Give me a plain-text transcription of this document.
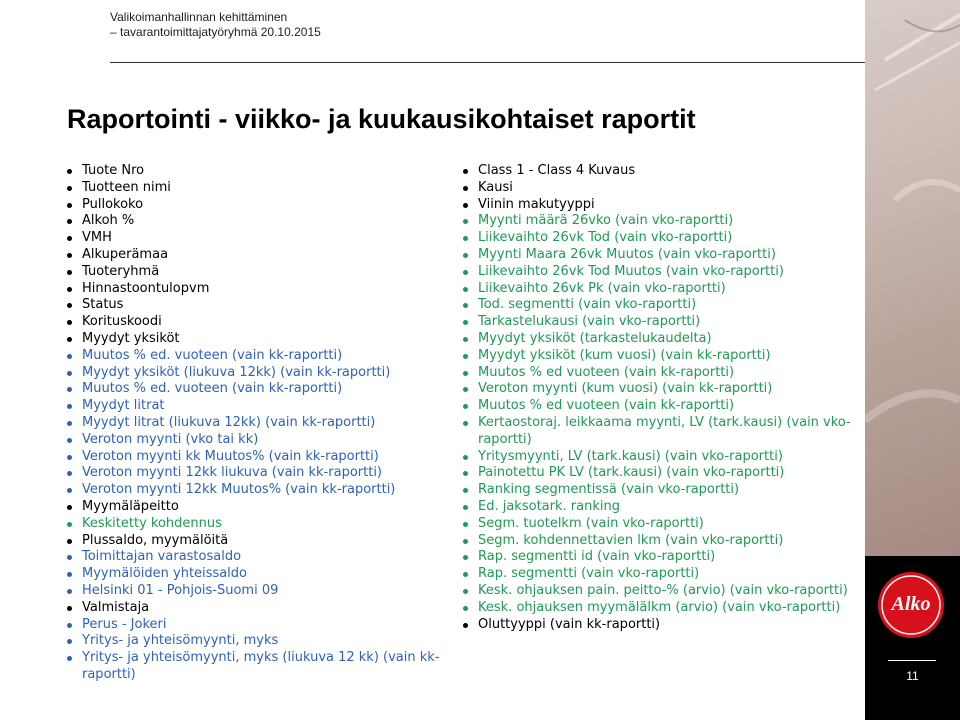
Valikoimanhallinnan kehittäminen
– tavarantoimittajatyöryhmä 20.10.2015
Alko
11
Raportointi - viikko- ja kuukausikohtaiset raportit
Tuote Nro
Tuotteen nimi
Pullokoko
Alkoh %
VMH
Alkuperämaa
Tuoteryhmä
Hinnastoontulopvm
Status
Korituskoodi
Myydyt yksiköt
Muutos % ed. vuoteen (vain kk-raportti)
Myydyt yksiköt (liukuva 12kk) (vain kk-raportti)
Muutos % ed. vuoteen (vain kk-raportti)
Myydyt litrat
Myydyt litrat (liukuva 12kk) (vain kk-raportti)
Veroton myynti (vko tai kk)
Veroton myynti kk Muutos% (vain kk-raportti)
Veroton myynti 12kk liukuva (vain kk-raportti)
Veroton myynti 12kk Muutos% (vain kk-raportti)
Myymäläpeitto
Keskitetty kohdennus
Plussaldo, myymälöitä
Toimittajan varastosaldo
Myymälöiden yhteissaldo
Helsinki 01 - Pohjois-Suomi 09
Valmistaja
Perus - Jokeri
Yritys- ja yhteisömyynti, myks
Yritys- ja yhteisömyynti, myks (liukuva 12 kk) (vain kk-raportti)
Class 1 - Class 4 Kuvaus
Kausi
Viinin makutyyppi
Myynti määrä 26vko (vain vko-raportti)
Liikevaihto 26vk Tod (vain vko-raportti)
Myynti Maara 26vk Muutos (vain vko-raportti)
Liikevaihto 26vk Tod Muutos (vain vko-raportti)
Liikevaihto 26vk Pk (vain vko-raportti)
Tod. segmentti (vain vko-raportti)
Tarkastelukausi (vain vko-raportti)
Myydyt yksiköt (tarkastelukaudelta)
Myydyt yksiköt (kum vuosi) (vain kk-raportti)
Muutos % ed vuoteen (vain kk-raportti)
Veroton myynti (kum vuosi) (vain kk-raportti)
Muutos % ed vuoteen (vain kk-raportti)
Kertaostoraj. leikkaama myynti, LV (tark.kausi) (vain vko-raportti)
Yritysmyynti, LV (tark.kausi) (vain vko-raportti)
Painotettu PK LV (tark.kausi) (vain vko-raportti)
Ranking segmentissä (vain vko-raportti)
Ed. jaksotark. ranking
Segm. tuotelkm (vain vko-raportti)
Segm. kohdennettavien lkm (vain vko-raportti)
Rap. segmentti id (vain vko-raportti)
Rap. segmentti (vain vko-raportti)
Kesk. ohjauksen pain. peitto-% (arvio) (vain vko-raportti)
Kesk. ohjauksen myymälälkm (arvio) (vain vko-raportti)
Oluttyyppi (vain kk-raportti)
